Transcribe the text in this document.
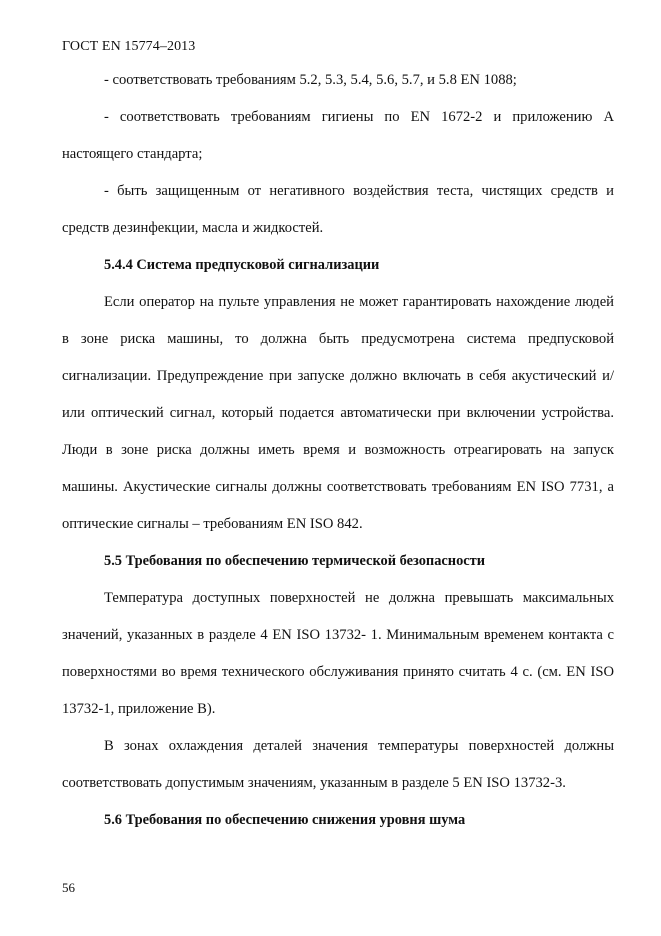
ГОСТ EN 15774–2013

- соответствовать требованиям 5.2, 5.3, 5.4, 5.6, 5.7, и 5.8 EN 1088;

- соответствовать требованиям гигиены по EN 1672-2 и приложению А настоящего стандарта;

- быть защищенным от негативного воздействия теста, чистящих средств и средств дезинфекции, масла и жидкостей.

5.4.4 Система предпусковой сигнализации

Если оператор на пульте управления не может гарантировать нахождение людей в зоне риска машины, то должна быть предусмотрена система предпусковой сигнализации. Предупреждение при запуске должно включать в себя акустический и/или оптический сигнал, который подается автоматически при включении устройства. Люди в зоне риска должны иметь время и возможность отреагировать на запуск машины. Акустические сигналы должны соответствовать требованиям EN ISO 7731, а оптические сигналы – требованиям EN ISO 842.

5.5 Требования по обеспечению термической безопасности

Температура доступных поверхностей не должна превышать максимальных значений, указанных в разделе 4 EN ISO 13732- 1. Минимальным временем контакта с поверхностями во время технического обслуживания принято считать 4 с. (см. EN ISO 13732-1, приложение В).

В зонах охлаждения деталей значения температуры поверхностей должны соответствовать допустимым значениям, указанным в разделе 5 EN ISO 13732-3.

5.6 Требования по обеспечению снижения уровня шума

56
